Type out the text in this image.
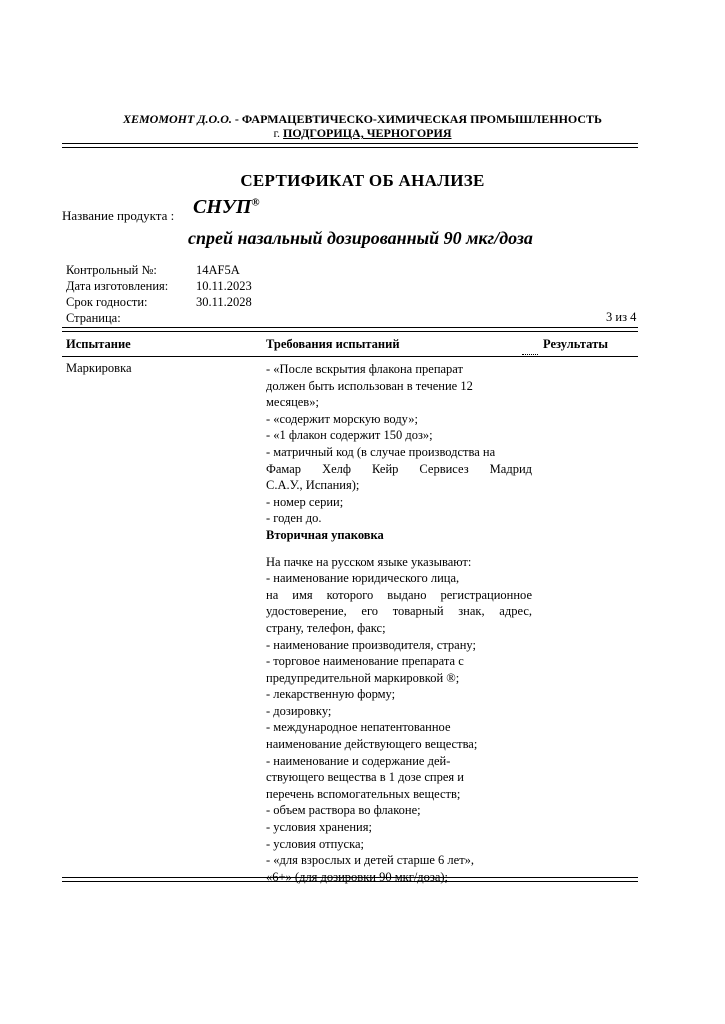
ХЕМОМОНТ Д.О.О. - ФАРМАЦЕВТИЧЕСКО-ХИМИЧЕСКАЯ ПРОМЫШЛЕННОСТЬ
г. ПОДГОРИЦА, ЧЕРНОГОРИЯ
СЕРТИФИКАТ ОБ АНАЛИЗЕ
Название продукта : СНУП®
спрей назальный дозированный 90 мкг/доза
Контрольный №:	14AF5A
Дата изготовления:	10.11.2023
Срок годности:	30.11.2028
Страница:	3 из 4
Испытание	Требования испытаний	Результаты
Маркировка	- «После вскрытия флакона препарат
должен быть использован в течение 12
месяцев»;
- «содержит морскую воду»;
- «1 флакон содержит 150 доз»;
- матричный код (в случае производства на
Фамар Хелф Кейр Сервисез Мадрид
С.А.У., Испания);
- номер серии;
- годен до.
Вторичная упаковка
На пачке на русском языке указывают:
- наименование юридического лица,
на имя которого выдано регистрационное
удостоверение, его товарный знак, адрес,
страну, телефон, факс;
- наименование производителя, страну;
- торговое наименование препарата с
предупредительной маркировкой ®;
- лекарственную форму;
- дозировку;
- международное непатентованное
наименование действующего вещества;
- наименование и содержание дей-
ствующего вещества в 1 дозе спрея и
перечень вспомогательных веществ;
- объем раствора во флаконе;
- условия хранения;
- условия отпуска;
- «для взрослых и детей старше 6 лет»,
«6+» (для дозировки 90 мкг/доза);
